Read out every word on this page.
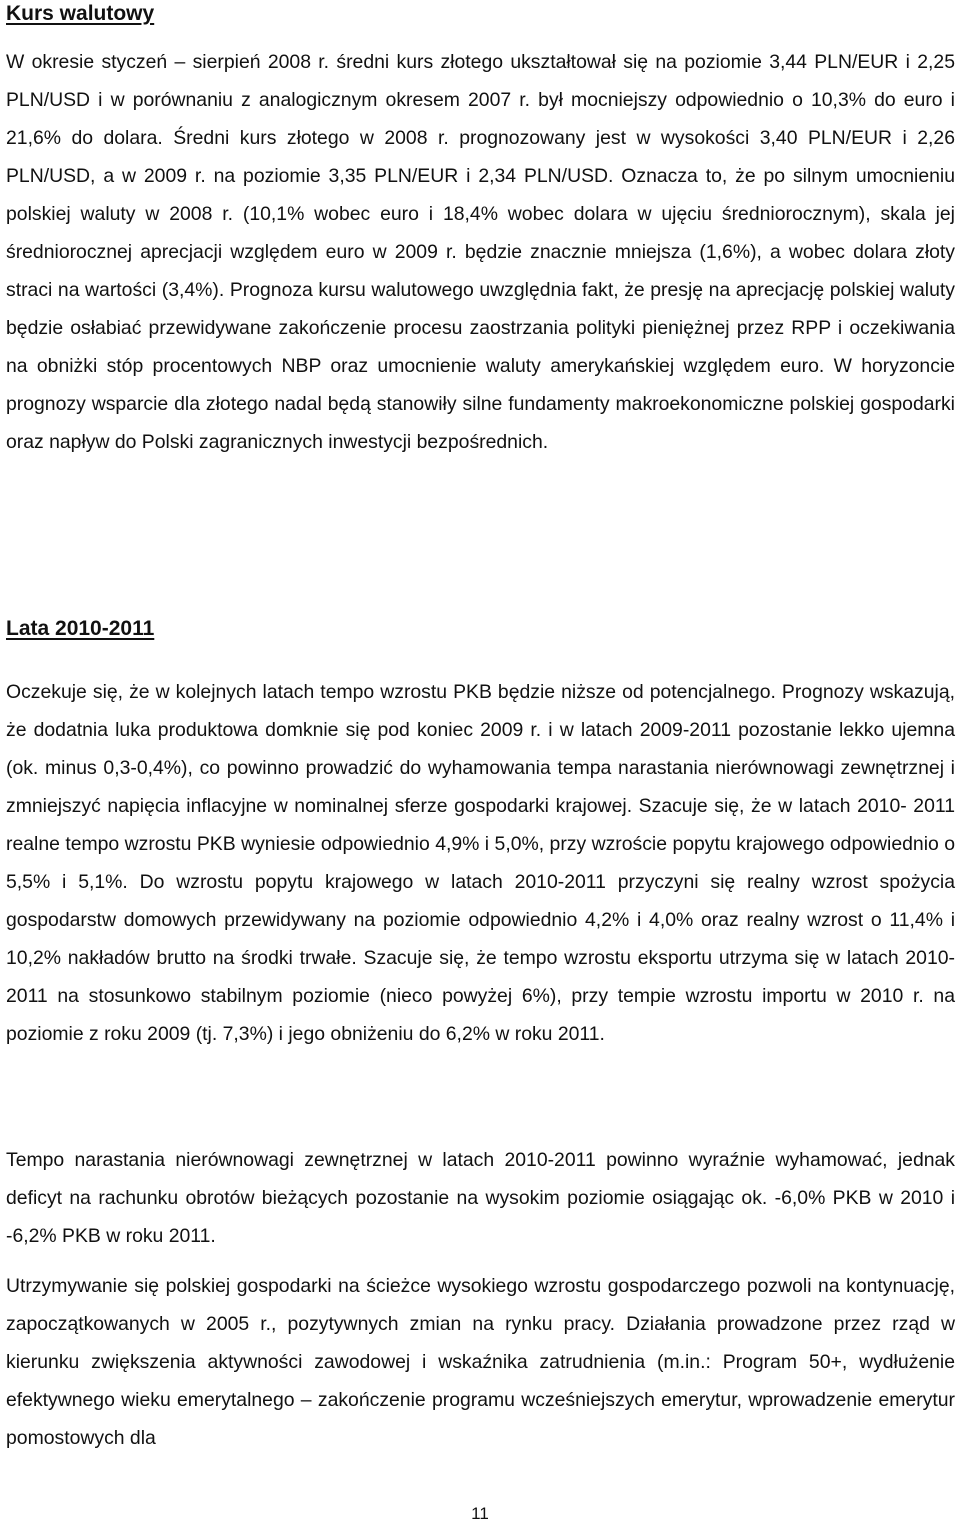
Kurs walutowy

W okresie styczeń – sierpień 2008 r. średni kurs złotego ukształtował się na poziomie 3,44 PLN/EUR i 2,25 PLN/USD i w porównaniu z analogicznym okresem 2007 r. był mocniejszy odpowiednio o 10,3% do euro i 21,6% do dolara. Średni kurs złotego w 2008 r. prognozowany jest w wysokości 3,40 PLN/EUR i 2,26 PLN/USD, a w 2009 r. na poziomie 3,35 PLN/EUR i 2,34 PLN/USD. Oznacza to, że po silnym umocnieniu polskiej waluty w 2008 r. (10,1% wobec euro i 18,4% wobec dolara w ujęciu średniorocznym), skala jej średniorocznej aprecjacji względem euro w 2009 r. będzie znacznie mniejsza (1,6%), a wobec dolara złoty straci na wartości (3,4%). Prognoza kursu walutowego uwzględnia fakt, że presję na aprecjację polskiej waluty będzie osłabiać przewidywane zakończenie procesu zaostrzania polityki pieniężnej przez RPP i oczekiwania na obniżki stóp procentowych NBP oraz umocnienie waluty amerykańskiej względem euro. W horyzoncie prognozy wsparcie dla złotego nadal będą stanowiły silne fundamenty makroekonomiczne polskiej gospodarki oraz napływ do Polski zagranicznych inwestycji bezpośrednich.

Lata 2010-2011

Oczekuje się, że w kolejnych latach tempo wzrostu PKB będzie niższe od potencjalnego. Prognozy wskazują, że dodatnia luka produktowa domknie się pod koniec 2009 r. i w latach 2009-2011 pozostanie lekko ujemna (ok. minus 0,3-0,4%), co powinno prowadzić do wyhamowania tempa narastania nierównowagi zewnętrznej i zmniejszyć napięcia inflacyjne w nominalnej sferze gospodarki krajowej. Szacuje się, że w latach 2010- 2011 realne tempo wzrostu PKB wyniesie odpowiednio 4,9% i 5,0%, przy wzroście popytu krajowego odpowiednio o 5,5% i 5,1%. Do wzrostu popytu krajowego w latach 2010-2011 przyczyni się realny wzrost spożycia gospodarstw domowych przewidywany na poziomie odpowiednio 4,2% i 4,0% oraz realny wzrost o 11,4% i 10,2% nakładów brutto na środki trwałe. Szacuje się, że tempo wzrostu eksportu utrzyma się w latach 2010-2011 na stosunkowo stabilnym poziomie (nieco powyżej 6%), przy tempie wzrostu importu w 2010 r. na poziomie z roku 2009 (tj. 7,3%) i jego obniżeniu do 6,2% w roku 2011.

Tempo narastania nierównowagi zewnętrznej w latach 2010-2011 powinno wyraźnie wyhamować, jednak deficyt na rachunku obrotów bieżących pozostanie na wysokim poziomie osiągając ok. -6,0% PKB w 2010 i -6,2% PKB w roku 2011.

Utrzymywanie się polskiej gospodarki na ścieżce wysokiego wzrostu gospodarczego pozwoli na kontynuację, zapoczątkowanych w 2005 r., pozytywnych zmian na rynku pracy. Działania prowadzone przez rząd w kierunku zwiększenia aktywności zawodowej i wskaźnika zatrudnienia (m.in.: Program 50+, wydłużenie efektywnego wieku emerytalnego – zakończenie programu wcześniejszych emerytur, wprowadzenie emerytur pomostowych dla

11
